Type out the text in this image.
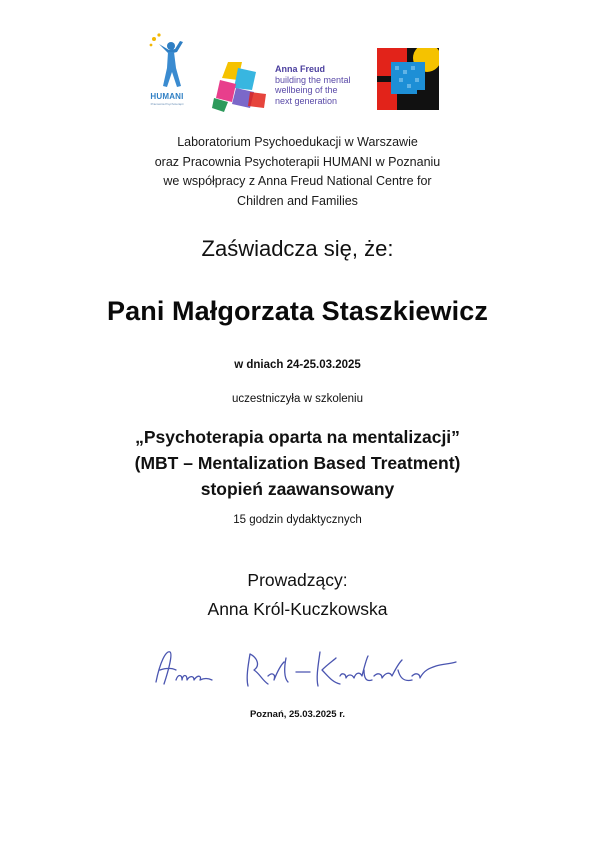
HUMANI
Pracownia Psychoterapii
Anna Freud
building the mental
wellbeing of the
next generation
Laboratorium Psychoedukacji w Warszawie
oraz Pracownia Psychoterapii HUMANI w Poznaniu
we współpracy z Anna Freud National Centre for
Children and Families
Zaświadcza się, że:
Pani Małgorzata Staszkiewicz
w dniach 24-25.03.2025
uczestniczyła w szkoleniu
„Psychoterapia oparta na mentalizacji”
(MBT – Mentalization Based Treatment)
stopień zaawansowany
15 godzin dydaktycznych
Prowadzący:
Anna Król-Kuczkowska
Poznań, 25.03.2025 r.
